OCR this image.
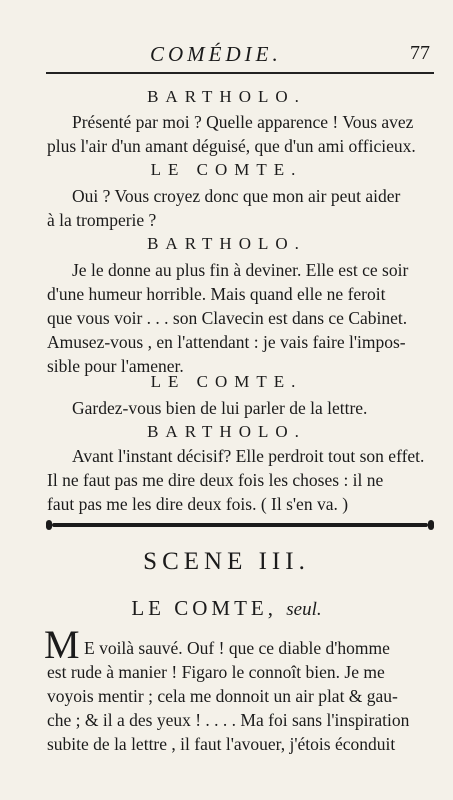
COMÉDIE.	77
BARTHOLO.
Présenté par moi ? Quelle apparence ! Vous avez
plus l'air d'un amant déguisé, que d'un ami officieux.
LE COMTE.
Oui ? Vous croyez donc que mon air peut aider
à la tromperie ?
BARTHOLO.
Je le donne au plus fin à deviner. Elle est ce soir
d'une humeur horrible. Mais quand elle ne feroit
que vous voir . . . son Clavecin est dans ce Cabinet.
Amusez-vous , en l'attendant : je vais faire l'impos-
sible pour l'amener.
LE COMTE.
Gardez-vous bien de lui parler de la lettre.
BARTHOLO.
Avant l'instant décisif? Elle perdroit tout son effet.
Il ne faut pas me dire deux fois les choses : il ne
faut pas me les dire deux fois. ( Il s'en va. )
SCENE III.
LE COMTE, seul.
M E voilà sauvé. Ouf ! que ce diable d'homme
est rude à manier ! Figaro le connoît bien. Je me
voyois mentir ; cela me donnoit un air plat & gau-
che ; & il a des yeux ! . . . . Ma foi sans l'inspiration
subite de la lettre , il faut l'avouer, j'étois éconduit
